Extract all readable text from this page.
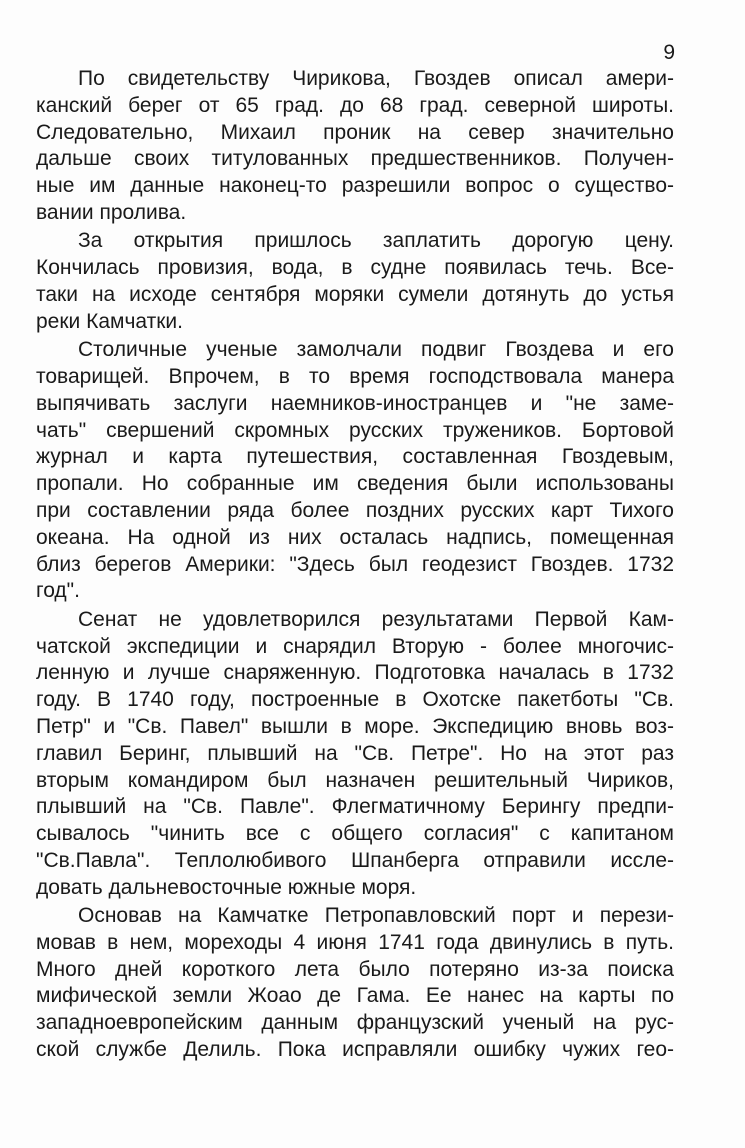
9
По свидетельству Чирикова, Гвоздев описал амери-
канский берег от 65 град. до 68 град. северной широты.
Следовательно, Михаил проник на север значительно
дальше своих титулованных предшественников. Получен-
ные им данные наконец-то разрешили вопрос о существо-
вании пролива.
За открытия пришлось заплатить дорогую цену.
Кончилась провизия, вода, в судне появилась течь. Все-
таки на исходе сентября моряки сумели дотянуть до устья
реки Камчатки.
Столичные ученые замолчали подвиг Гвоздева и его
товарищей. Впрочем, в то время господствовала манера
выпячивать заслуги наемников-иностранцев и "не заме-
чать" свершений скромных русских тружеников. Бортовой
журнал и карта путешествия, составленная Гвоздевым,
пропали. Но собранные им сведения были использованы
при составлении ряда более поздних русских карт Тихого
океана. На одной из них осталась надпись, помещенная
близ берегов Америки: "Здесь был геодезист Гвоздев. 1732
год".
Сенат не удовлетворился результатами Первой Кам-
чатской экспедиции и снарядил Вторую - более многочис-
ленную и лучше снаряженную. Подготовка началась в 1732
году. В 1740 году, построенные в Охотске пакетботы "Св.
Петр" и "Св. Павел" вышли в море. Экспедицию вновь воз-
главил Беринг, плывший на "Св. Петре". Но на этот раз
вторым командиром был назначен решительный Чириков,
плывший на "Св. Павле". Флегматичному Берингу предпи-
сывалось "чинить все с общего согласия" с капитаном
"Св.Павла". Теплолюбивого Шпанберга отправили иссле-
довать дальневосточные южные моря.
Основав на Камчатке Петропавловский порт и перези-
мовав в нем, мореходы 4 июня 1741 года двинулись в путь.
Много дней короткого лета было потеряно из-за поиска
мифической земли Жоао де Гама. Ее нанес на карты по
западноевропейским данным французский ученый на рус-
ской службе Делиль. Пока исправляли ошибку чужих гео-
